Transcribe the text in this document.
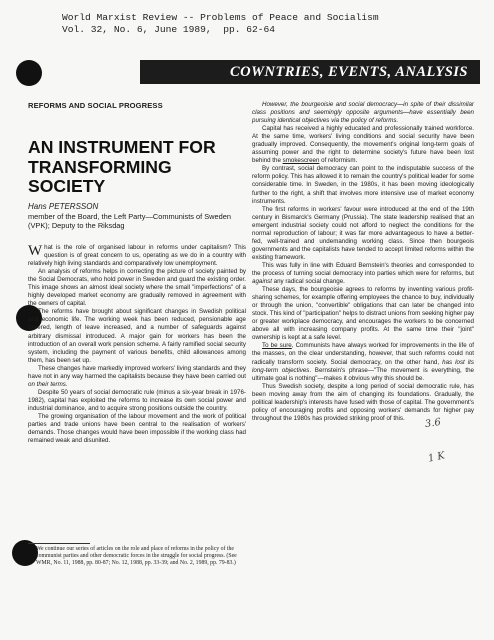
World Marxist Review -- Problems of Peace and Socialism
Vol. 32, No. 6, June 1989,  pp. 62-64
COWNTRIES, EVENTS, ANALYSIS
REFORMS AND SOCIAL PROGRESS
AN INSTRUMENT FOR TRANSFORMING SOCIETY
Hans PETERSSON
member of the Board, the Left Party—Communists of Sweden (VPK); Deputy to the Riksdag

What is the role of organised labour in reforms under capitalism? This question is of great concern to us, operating as we do in a country with relatively high living standards and comparatively low unemployment.

An analysis of reforms helps in correcting the picture of society painted by the Social Democrats, who hold power in Sweden and guard the existing order. This image shows an almost ideal society where the small "imperfections" of a highly developed market economy are gradually removed in agreement with the owners of capital.

The reforms have brought about significant changes in Swedish political and economic life. The working week has been reduced, pensionable age lowered, length of leave increased, and a number of safeguards against arbitrary dismissal introduced. A major gain for workers has been the introduction of an overall work pension scheme. A fairly ramified social security system, including the payment of various benefits, child allowances among them, has been set up.

These changes have markedly improved workers' living standards and they have not in any way harmed the capitalists because they have been carried out on their terms.

Despite 50 years of social democratic rule (minus a six-year break in 1976-1982), capital has exploited the reforms to increase its own social power and industrial dominance, and to acquire strong positions outside the country.

The growing organisation of the labour movement and the work of political parties and trade unions have been central to the realisation of workers' demands. Those changes would have been impossible if the working class had remained weak and disunited.

We continue our series of articles on the role and place of reforms in the policy of the communist parties and other democratic forces in the struggle for social progress. (See WMR, No. 11, 1988, pp. 80-87; No. 12, 1988, pp. 33-39; and No. 2, 1989, pp. 79-83.)

However, the bourgeoisie and social democracy—in spite of their dissimilar class positions and seemingly opposite arguments—have essentially been pursuing identical objectives via the policy of reforms.

Capital has received a highly educated and professionally trained workforce. At the same time, workers' living conditions and social security have been gradually improved. Consequently, the movement's original long-term goals of assuming power and the right to determine society's future have been lost behind the smokescreen of reformism.

By contrast, social democracy can point to the indisputable success of the reform policy. This has allowed it to remain the country's political leader for some considerable time. In Sweden, in the 1980s, it has been moving ideologically further to the right, a shift that involves more intensive use of market economy instruments.

The first reforms in workers' favour were introduced at the end of the 19th century in Bismarck's Germany (Prussia). The state leadership realised that an emergent industrial society could not afford to neglect the conditions for the normal reproduction of labour; it was far more advantageous to have a better-fed, well-trained and undemanding working class. Since then bourgeois governments and the capitalists have tended to accept limited reforms within the existing framework.

This was fully in line with Eduard Bernstein's theories and corresponded to the process of turning social democracy into parties which were for reforms, but against any radical social change.

These days, the bourgeoisie agrees to reforms by inventing various profit-sharing schemes, for example offering employees the chance to buy, individually or through the union, "convertible" obligations that can later be changed into stock. This kind of "participation" helps to distract unions from seeking higher pay or greater workplace democracy, and encourages the workers to be concerned above all with increasing company profits. At the same time their "joint" ownership is kept at a safe level.

To be sure, Communists have always worked for improvements in the life of the masses, on the clear understanding, however, that such reforms could not radically transform society. Social democracy, on the other hand, has lost its long-term objectives. Bernstein's phrase—"The movement is everything, the ultimate goal is nothing"—makes it obvious why this should be.

Thus Swedish society, despite a long period of social democratic rule, has been moving away from the aim of changing its foundations. Gradually, the political leadership's interests have fused with those of capital. The government's policy of encouraging profits and opposing workers' demands for higher pay throughout the 1980s has provided striking proof of this.	3.6
1 K
